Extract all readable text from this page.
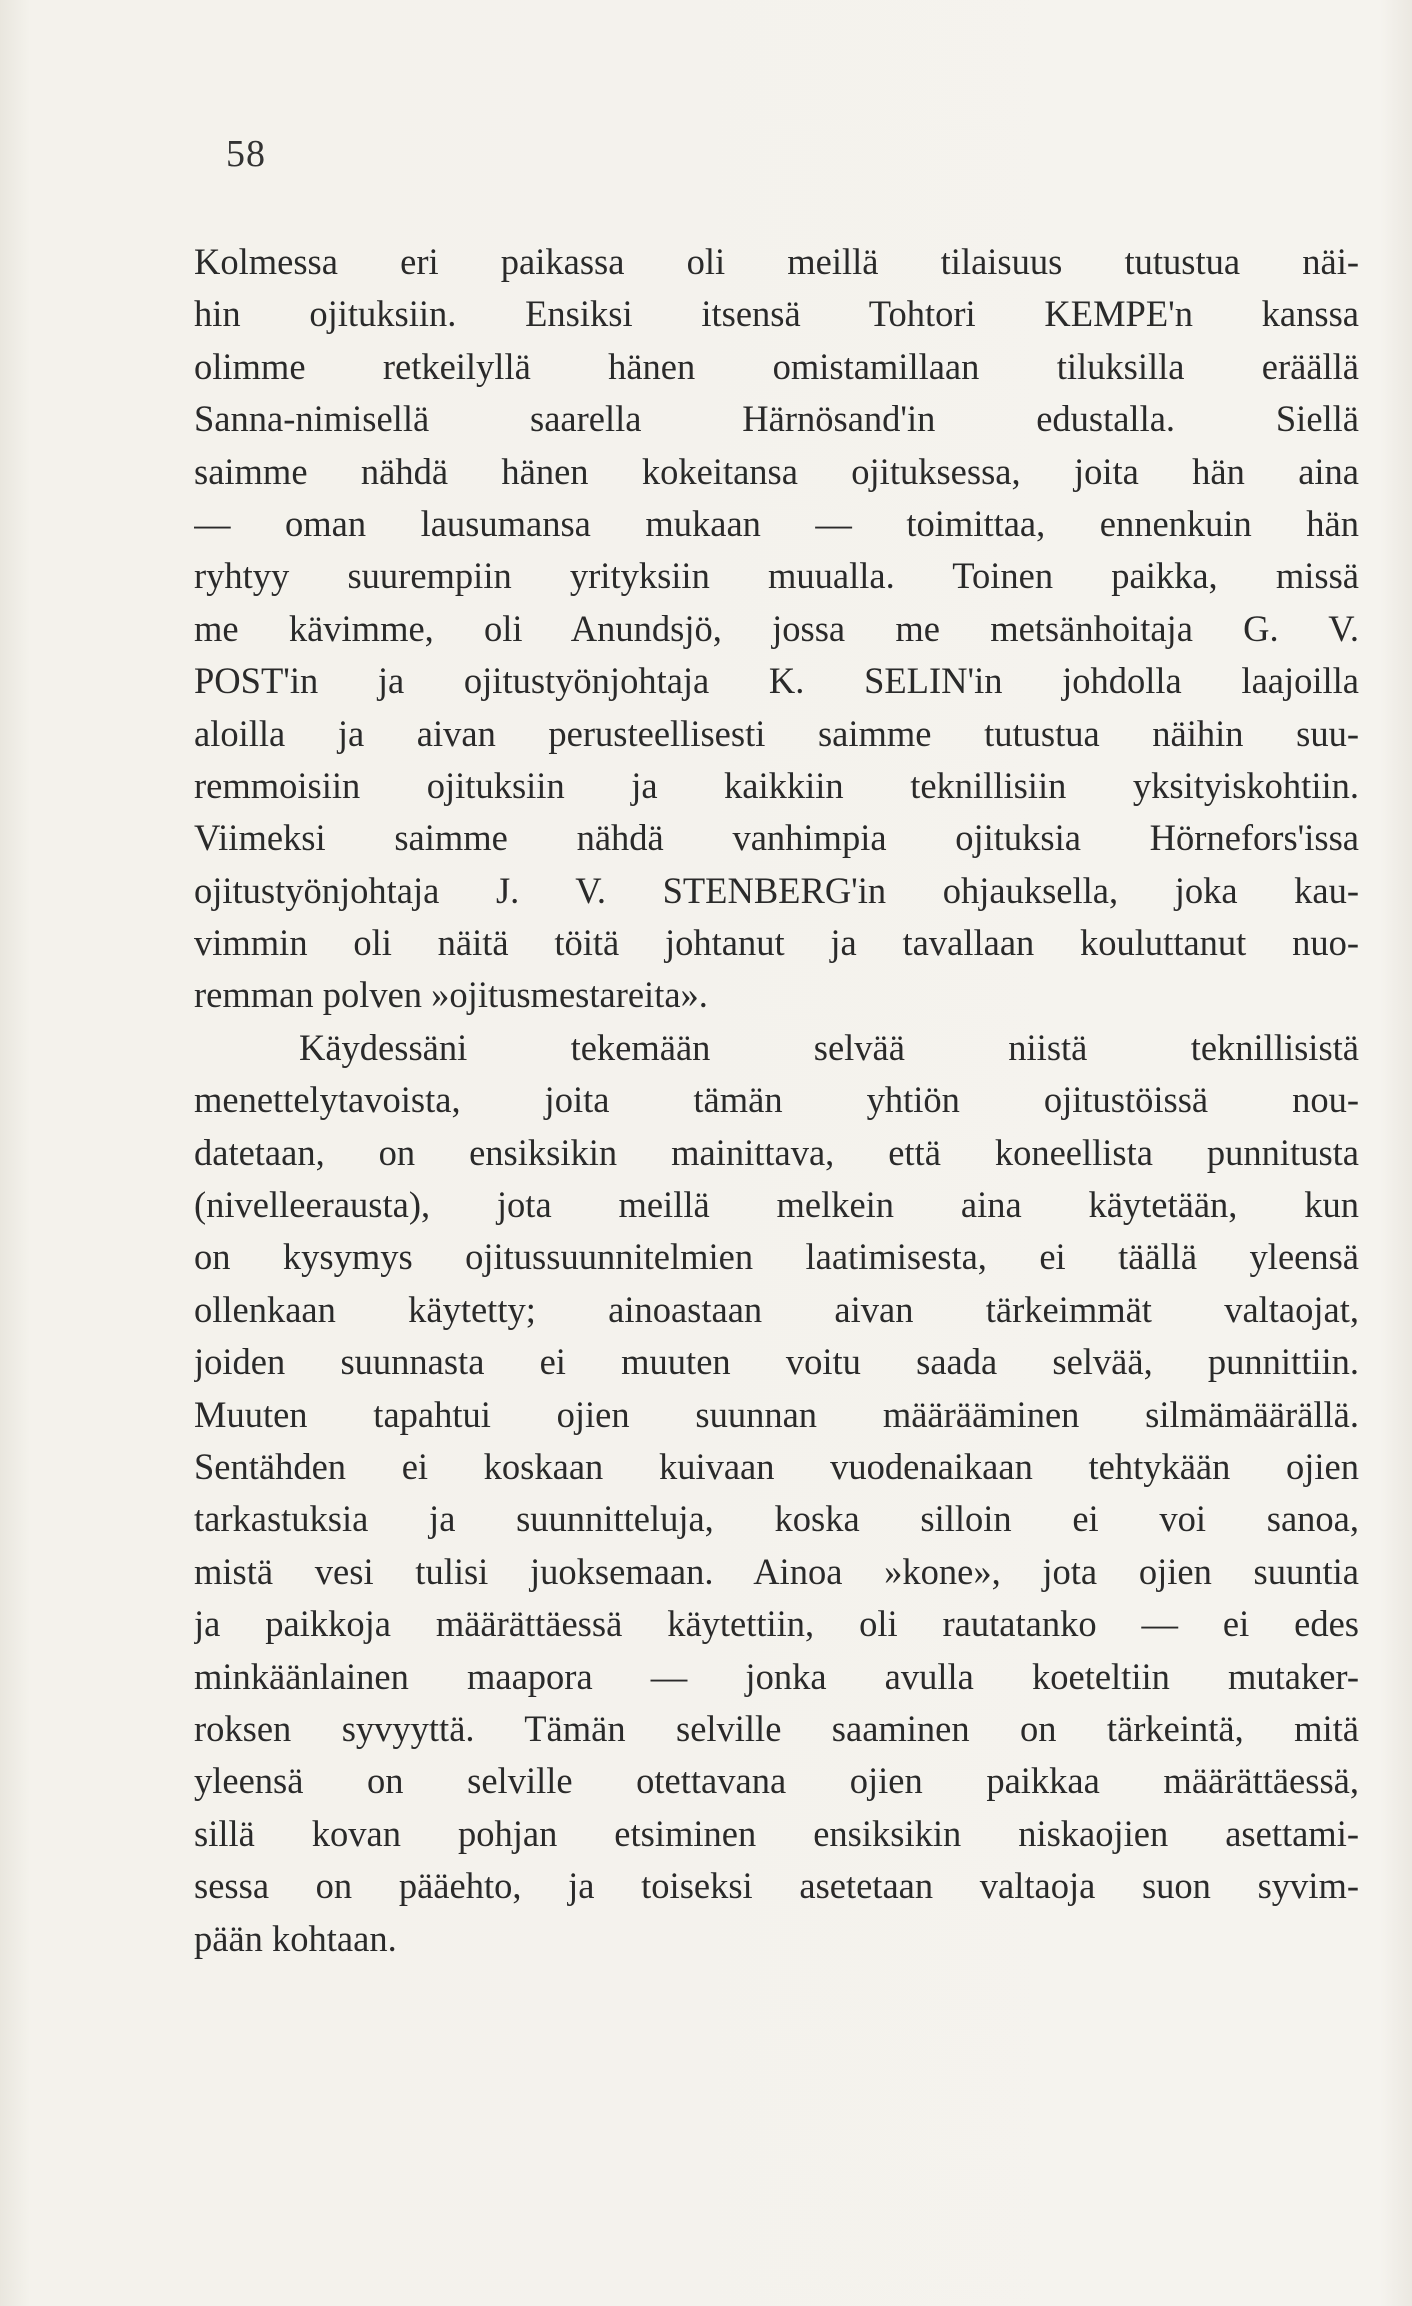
58
Kolmessa eri paikassa oli meillä tilaisuus tutustua näi-
hin ojituksiin. Ensiksi itsensä Tohtori KEMPE'n kanssa
olimme retkeilyllä hänen omistamillaan tiluksilla eräällä
Sanna-nimisellä saarella Härnösand'in edustalla. Siellä
saimme nähdä hänen kokeitansa ojituksessa, joita hän aina
— oman lausumansa mukaan — toimittaa, ennenkuin hän
ryhtyy suurempiin yrityksiin muualla. Toinen paikka, missä
me kävimme, oli Anundsjö, jossa me metsänhoitaja G. V.
POST'in ja ojitustyönjohtaja K. SELIN'in johdolla laajoilla
aloilla ja aivan perusteellisesti saimme tutustua näihin suu-
remmoisiin ojituksiin ja kaikkiin teknillisiin yksityiskohtiin.
Viimeksi saimme nähdä vanhimpia ojituksia Hörnefors'issa
ojitustyönjohtaja J. V. STENBERG'in ohjauksella, joka kau-
vimmin oli näitä töitä johtanut ja tavallaan kouluttanut nuo-
remman polven »ojitusmestareita».
Käydessäni tekemään selvää niistä teknillisistä
menettelytavoista, joita tämän yhtiön ojitustöissä nou-
datetaan, on ensiksikin mainittava, että koneellista punnitusta
(nivelleerausta), jota meillä melkein aina käytetään, kun
on kysymys ojitussuunnitelmien laatimisesta, ei täällä yleensä
ollenkaan käytetty; ainoastaan aivan tärkeimmät valtaojat,
joiden suunnasta ei muuten voitu saada selvää, punnittiin.
Muuten tapahtui ojien suunnan määrääminen silmämäärällä.
Sentähden ei koskaan kuivaan vuodenaikaan tehtykään ojien
tarkastuksia ja suunnitteluja, koska silloin ei voi sanoa,
mistä vesi tulisi juoksemaan. Ainoa »kone», jota ojien suuntia
ja paikkoja määrättäessä käytettiin, oli rautatanko — ei edes
minkäänlainen maapora — jonka avulla koeteltiin mutaker-
roksen syvyyttä. Tämän selville saaminen on tärkeintä, mitä
yleensä on selville otettavana ojien paikkaa määrättäessä,
sillä kovan pohjan etsiminen ensiksikin niskaojien asettami-
sessa on pääehto, ja toiseksi asetetaan valtaoja suon syvim-
pään kohtaan.
